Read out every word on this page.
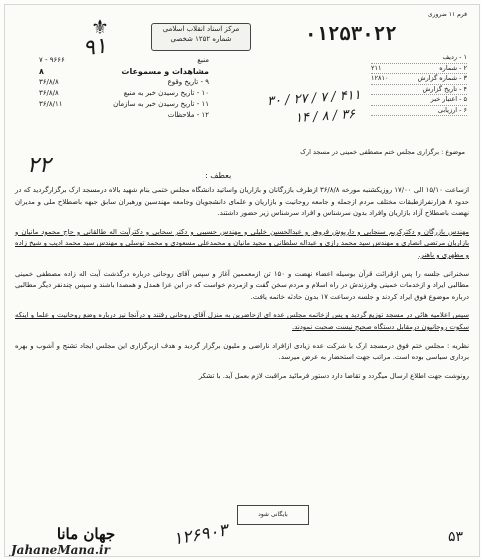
فرم ۱۱ ضروری
⚜
۹۱
مرکز اسناد انقلاب اسلامی
شماره ۱۲۵۲ شخصی	۰۱۲۵۳۰۲۲
منبع
۹۶۶۶ - ۷
مشاهدات و مسموعات
۸
۹ - تاریخ وقوع
۳۶/۸/۸
۱۰ - تاریخ رسیدن خبر به منبع
۳۶/۸/۸
۱۱ - تاریخ رسیدن خبر به سازمان
۳۶/۸/۱۱
۱۲ - ملاحظات
۱ - ردیف
۲ - شماره
۲۱۱
۳ - شماره گزارش
۱۲۸۱۰
۴ - تاریخ گزارش
۵ - اعتبار خبر
۶ - ارزیابی
۳۰ / ۲۷ / ۷ / ۴۱۱
۱۴ / ۸ / ۳۶
۲۲
موضوع : برگزاری مجلس ختم مصطفی خمینی در مسجد ارک
بعطف :

ازساعت ۱۵/۱۰ الی ۱۷/۰۰ روزیکشنبه مورخه ۳۶/۸/۸ ازطرف بازرگانان و بازاریان واساتید دانشگاه مجلس ختمی بنام شهید بالاه درمسجد ارک برگزارگردید که در حدود ۸ هزارنفرازطبقات مختلف مردم ازجمله و جامعه روحانیت و بازاریان و علمای دانشجویان وجامعه مهندسین ورهبران سابق جبهه باصطلاح ملی و مدیران نهضت باصطلاح آزاد بازاریان وافراد بدون سرشناس و افراد سرشناس زیر حضور داشتند.

مهندس بازرگان و دکترکریم سنجابی و داریوش فروهر و عبدالحسین خلیلی و مهندس حسیبی و دکتر سحابی و دکترآیت اله طالقانی و حاج محمود مانیان و بازاریان مرتضی انصاری و مهندس سید محمد رازی و عبداله سلطانی و مجید مانیان و محمدعلی مسعودی و محمد توسلی و مهندس سید محمد ادیب و شیخ زاده و مطهری و باهنر.

سخنرانی جلسه را پس ازقرائت قرآن بوسیله اعضاء نهضت و ۱۵۰ تن ازمعممین آغاز و سپس آقای روحانی درباره درگذشت آیت اله زاده مصطفی خمینی مطالبی ایراد و ازخدمات خمینی وفرزندش در راه اسلام و مردم سخن گفت و ازمردم خواست که در این عزا همدل و همصدا باشند و سپس چندنفر دیگر مطالبی درباره موضوع فوق ایراد کردند و جلسه درساعت ۱۷ بدون حادثه خاتمه یافت.

سپس اعلامیه هائی در مسجد توزیع گردید و پس ازخاتمه مجلس عده ای ازحاضرین به منزل آقای روحانی رفتند و درآنجا نیز درباره وضع روحانیت و علما و اینکه سکوت روحانیون درمقابل دستگاه صحیح نیست صحبت نمودند.

نظریه : مجلس ختم فوق درمسجد ارک با شرکت عده زیادی ازافراد ناراضی و ملیون برگزار گردید و هدف ازبرگزاری این مجلس ایجاد تشنج و آشوب و بهره برداری سیاسی بوده است. مراتب جهت استحضار به عرض میرسد.

رونوشت جهت اطلاع ارسال میگردد و تقاضا دارد دستور فرمائید مراقبت لازم بعمل آید. با تشکر

بایگانی شود
۱۲۶۹۰۳
جهان مانا
JahaneMana.ir
۵۳
